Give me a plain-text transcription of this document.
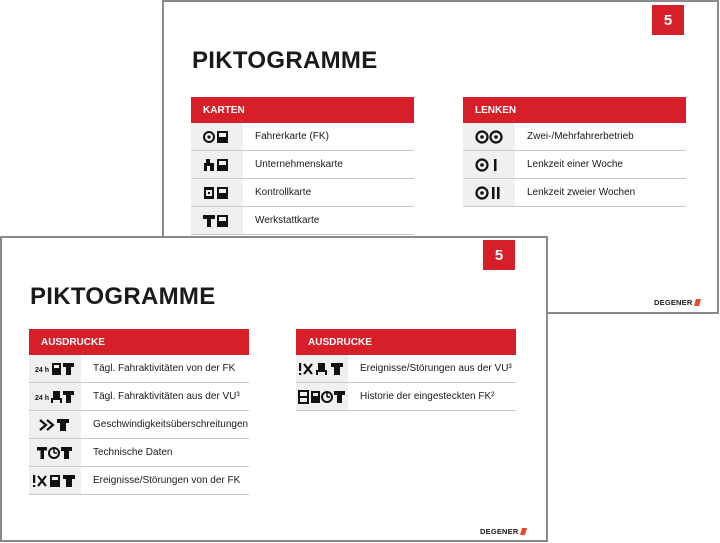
5
PIKTOGRAMME
KARTEN
Fahrerkarte (FK)
Unternehmenskarte
Kontrollkarte
Werkstattkarte
LENKEN
Zwei-/Mehrfahrerbetrieb
Lenkzeit einer Woche
Lenkzeit zweier Wochen
DEGENER
5
PIKTOGRAMME
AUSDRUCKE
24 h	Tägl. Fahraktivitäten von der FK
24 h	Tägl. Fahraktivitäten aus der VU³
Geschwindigkeitsüberschreitungen
Technische Daten
Ereignisse/Störungen von der FK
AUSDRUCKE
Ereignisse/Störungen aus der VU³
Historie der eingesteckten FK²
DEGENER
